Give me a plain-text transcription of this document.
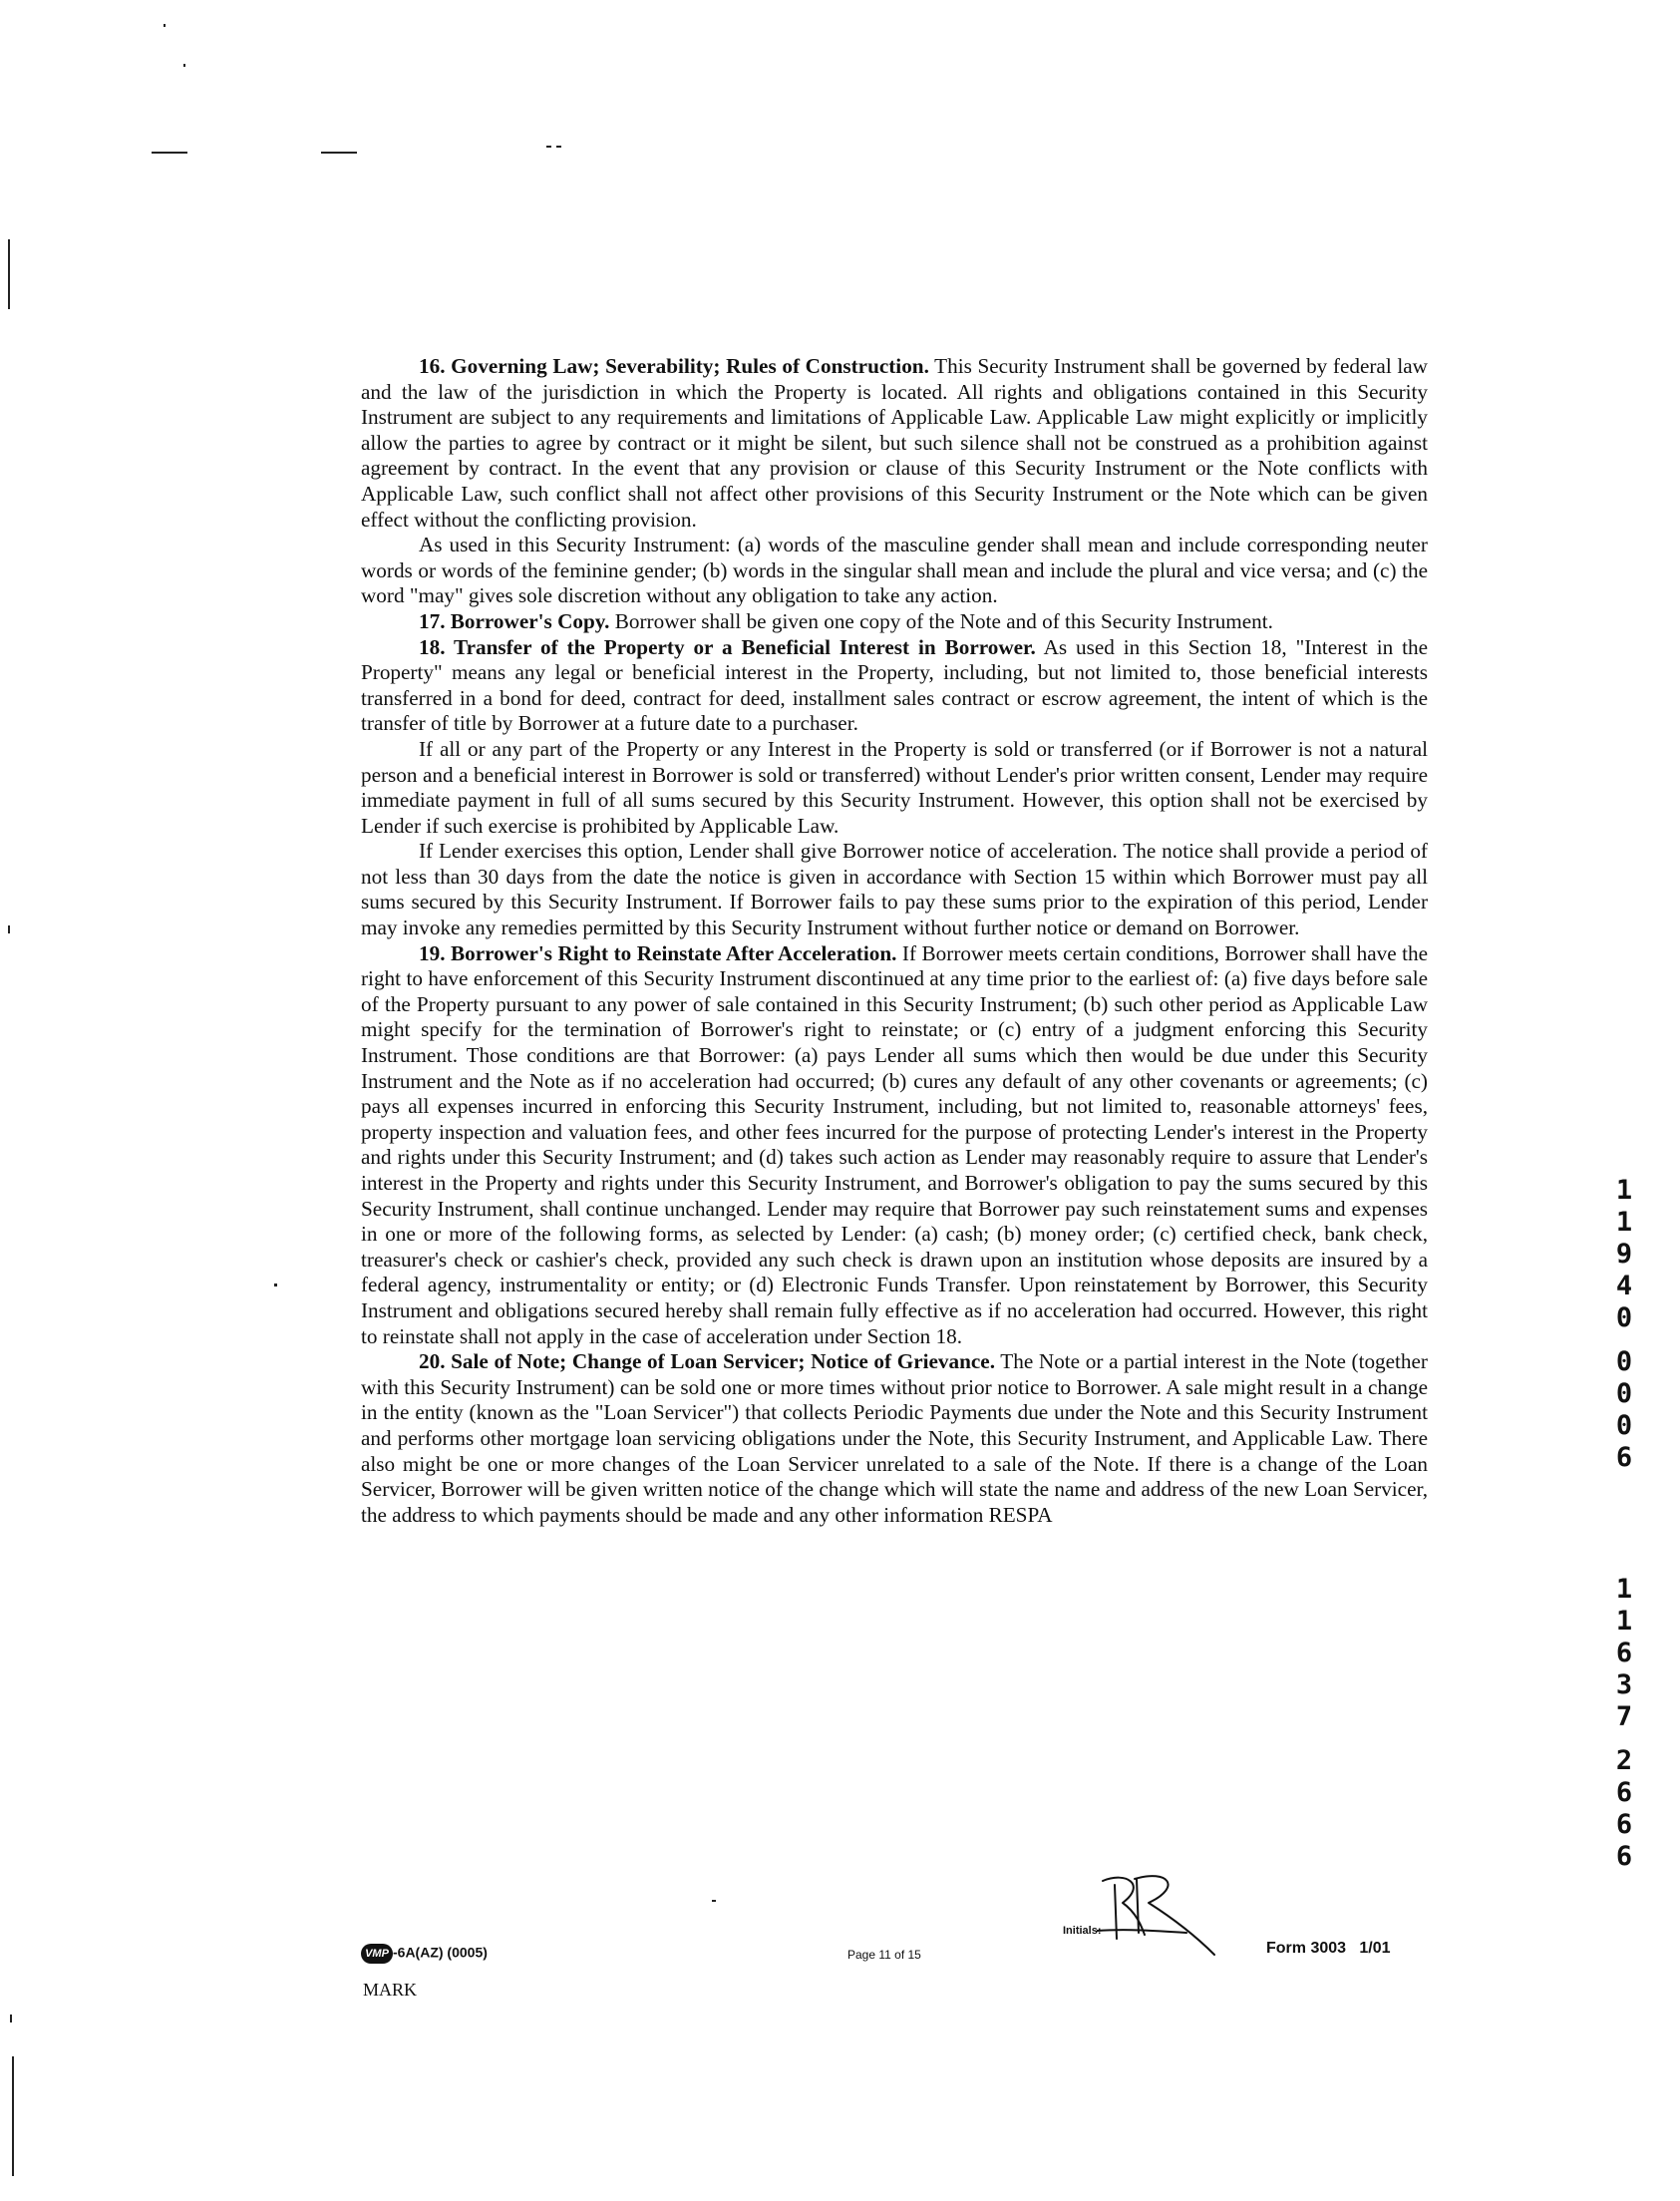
16. Governing Law; Severability; Rules of Construction. This Security Instrument shall be governed by federal law and the law of the jurisdiction in which the Property is located. All rights and obligations contained in this Security Instrument are subject to any requirements and limitations of Applicable Law. Applicable Law might explicitly or implicitly allow the parties to agree by contract or it might be silent, but such silence shall not be construed as a prohibition against agreement by contract. In the event that any provision or clause of this Security Instrument or the Note conflicts with Applicable Law, such conflict shall not affect other provisions of this Security Instrument or the Note which can be given effect without the conflicting provision.

As used in this Security Instrument: (a) words of the masculine gender shall mean and include corresponding neuter words or words of the feminine gender; (b) words in the singular shall mean and include the plural and vice versa; and (c) the word "may" gives sole discretion without any obligation to take any action.

17. Borrower's Copy. Borrower shall be given one copy of the Note and of this Security Instrument.

18. Transfer of the Property or a Beneficial Interest in Borrower. As used in this Section 18, "Interest in the Property" means any legal or beneficial interest in the Property, including, but not limited to, those beneficial interests transferred in a bond for deed, contract for deed, installment sales contract or escrow agreement, the intent of which is the transfer of title by Borrower at a future date to a purchaser.

If all or any part of the Property or any Interest in the Property is sold or transferred (or if Borrower is not a natural person and a beneficial interest in Borrower is sold or transferred) without Lender's prior written consent, Lender may require immediate payment in full of all sums secured by this Security Instrument. However, this option shall not be exercised by Lender if such exercise is prohibited by Applicable Law.

If Lender exercises this option, Lender shall give Borrower notice of acceleration. The notice shall provide a period of not less than 30 days from the date the notice is given in accordance with Section 15 within which Borrower must pay all sums secured by this Security Instrument. If Borrower fails to pay these sums prior to the expiration of this period, Lender may invoke any remedies permitted by this Security Instrument without further notice or demand on Borrower.

19. Borrower's Right to Reinstate After Acceleration. If Borrower meets certain conditions, Borrower shall have the right to have enforcement of this Security Instrument discontinued at any time prior to the earliest of: (a) five days before sale of the Property pursuant to any power of sale contained in this Security Instrument; (b) such other period as Applicable Law might specify for the termination of Borrower's right to reinstate; or (c) entry of a judgment enforcing this Security Instrument. Those conditions are that Borrower: (a) pays Lender all sums which then would be due under this Security Instrument and the Note as if no acceleration had occurred; (b) cures any default of any other covenants or agreements; (c) pays all expenses incurred in enforcing this Security Instrument, including, but not limited to, reasonable attorneys' fees, property inspection and valuation fees, and other fees incurred for the purpose of protecting Lender's interest in the Property and rights under this Security Instrument; and (d) takes such action as Lender may reasonably require to assure that Lender's interest in the Property and rights under this Security Instrument, and Borrower's obligation to pay the sums secured by this Security Instrument, shall continue unchanged. Lender may require that Borrower pay such reinstatement sums and expenses in one or more of the following forms, as selected by Lender: (a) cash; (b) money order; (c) certified check, bank check, treasurer's check or cashier's check, provided any such check is drawn upon an institution whose deposits are insured by a federal agency, instrumentality or entity; or (d) Electronic Funds Transfer. Upon reinstatement by Borrower, this Security Instrument and obligations secured hereby shall remain fully effective as if no acceleration had occurred. However, this right to reinstate shall not apply in the case of acceleration under Section 18.

20. Sale of Note; Change of Loan Servicer; Notice of Grievance. The Note or a partial interest in the Note (together with this Security Instrument) can be sold one or more times without prior notice to Borrower. A sale might result in a change in the entity (known as the "Loan Servicer") that collects Periodic Payments due under the Note and this Security Instrument and performs other mortgage loan servicing obligations under the Note, this Security Instrument, and Applicable Law. There also might be one or more changes of the Loan Servicer unrelated to a sale of the Note. If there is a change of the Loan Servicer, Borrower will be given written notice of the change which will state the name and address of the new Loan Servicer, the address to which payments should be made and any other information RESPA

1
1
9
4
0
0
0
0
6
1
1
6
3
7
2
6
6
6
VMP -6A(AZ) (0005)
MARK
Page 11 of 15
Initials:
Form 3003   1/01
